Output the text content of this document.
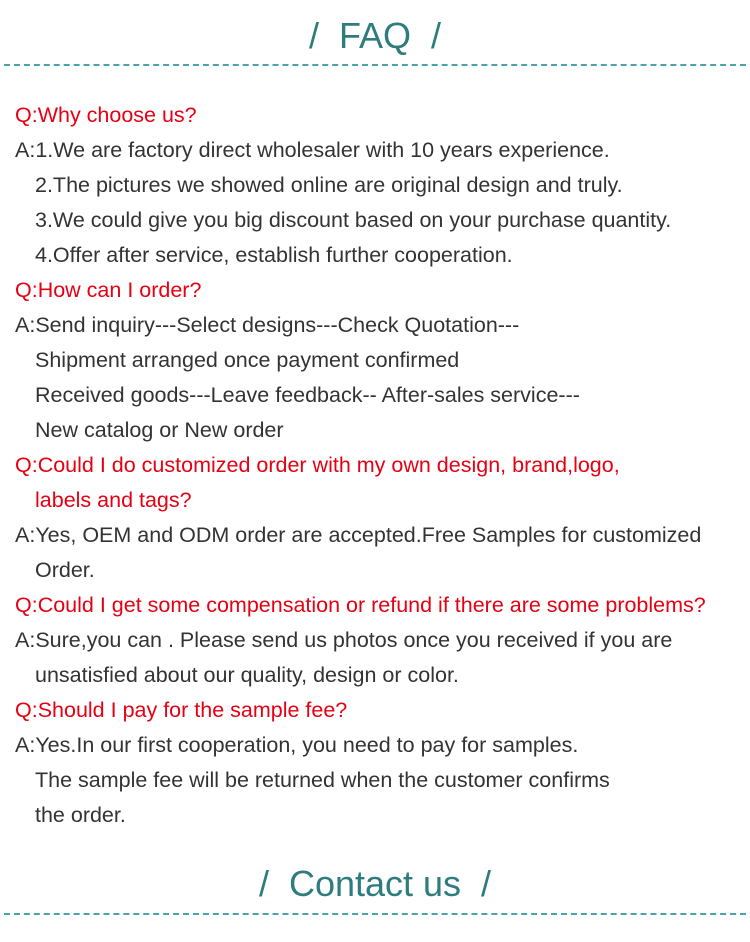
/ FAQ /
Q:Why choose us?
A:1.We are factory direct wholesaler with 10 years experience.
2.The pictures we showed online are original design and truly.
3.We could give you big discount based on your purchase quantity.
4.Offer after service, establish further cooperation.
Q:How can I order?
A:Send inquiry---Select designs---Check Quotation---
Shipment arranged once payment confirmed
Received goods---Leave feedback-- After-sales service---
New catalog or New order
Q:Could I do customized order with my own design, brand,logo,
labels and tags?
A:Yes, OEM and ODM order are accepted.Free Samples for customized
Order.
Q:Could I get some compensation or refund if there are some problems?
A:Sure,you can . Please send us photos once you received if you are
unsatisfied about our quality, design or color.
Q:Should I pay for the sample fee?
A:Yes.In our first cooperation, you need to pay for samples.
The sample fee will be returned when the customer confirms
the order.
/ Contact us /
